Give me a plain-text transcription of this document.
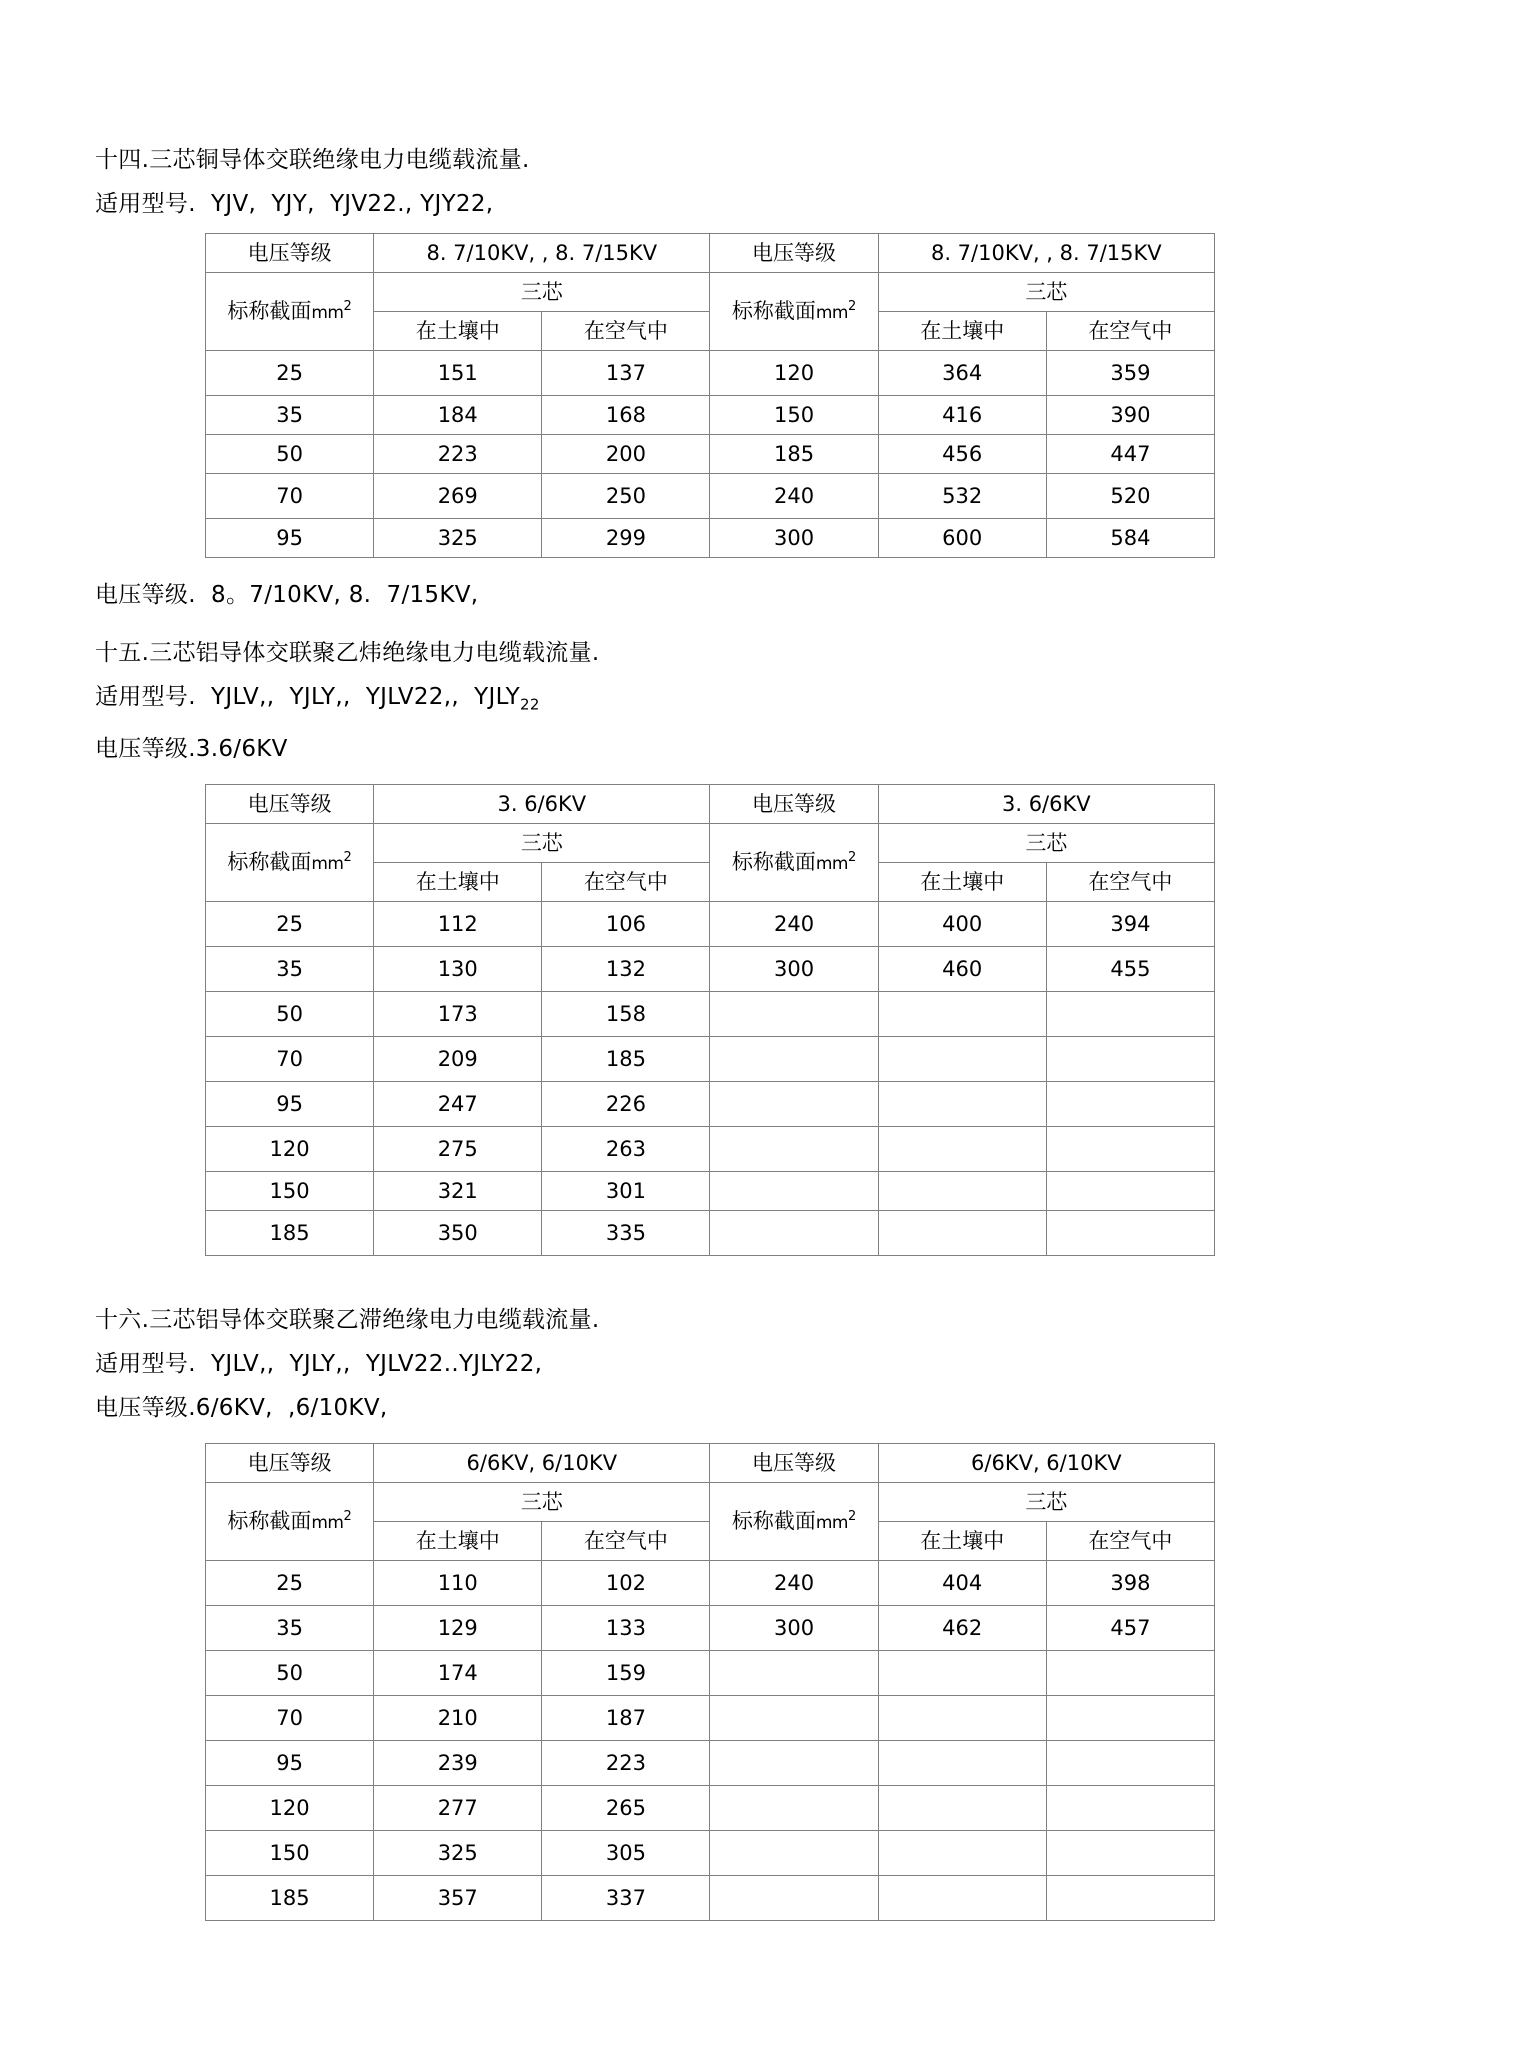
十四.三芯铜导体交联绝缘电力电缆载流量.
适用型号.  YJV,  YJY,  YJV22., YJY22,
电压等级	8. 7/10KV, , 8. 7/15KV		电压等级	8. 7/10KV, , 8. 7/15KV	
标称截面$mm^2$	三芯		标称截面$mm^2$	三芯	
	在土壤中	在空气中		在土壤中	在空气中
25	151	137	120	364	359
35	184	168	150	416	390
50	223	200	185	456	447
70	269	250	240	532	520
95	325	299	300	600	584
电压等级.  8。7/10KV, 8.  7/15KV,
十五.三芯铝导体交联聚乙炜绝缘电力电缆载流量.
适用型号.  YJLV,,  YJLY,,  YJLV22,,  $YJLY_{22}$
电压等级.3.6/6KV
电压等级	3. 6/6KV		电压等级	3. 6/6KV	
标称截面$mm^2$	三芯		标称截面$mm^2$	三芯	
	在土壤中	在空气中		在土壤中	在空气中
25	112	106	240	400	394
35	130	132	300	460	455
50	173	158			
70	209	185			
95	247	226			
120	275	263			
150	321	301			
185	350	335			
十六.三芯铝导体交联聚乙滞绝缘电力电缆载流量.
适用型号.  YJLV,,  YJLY,,  YJLV22..YJLY22,
电压等级.6/6KV,  ,6/10KV,
电压等级	6/6KV, 6/10KV		电压等级	6/6KV, 6/10KV	
标称截面$mm^2$	三芯		标称截面$mm^2$	三芯	
	在土壤中	在空气中		在土壤中	在空气中
25	110	102	240	404	398
35	129	133	300	462	457
50	174	159			
70	210	187			
95	239	223			
120	277	265			
150	325	305			
185	357	337			
